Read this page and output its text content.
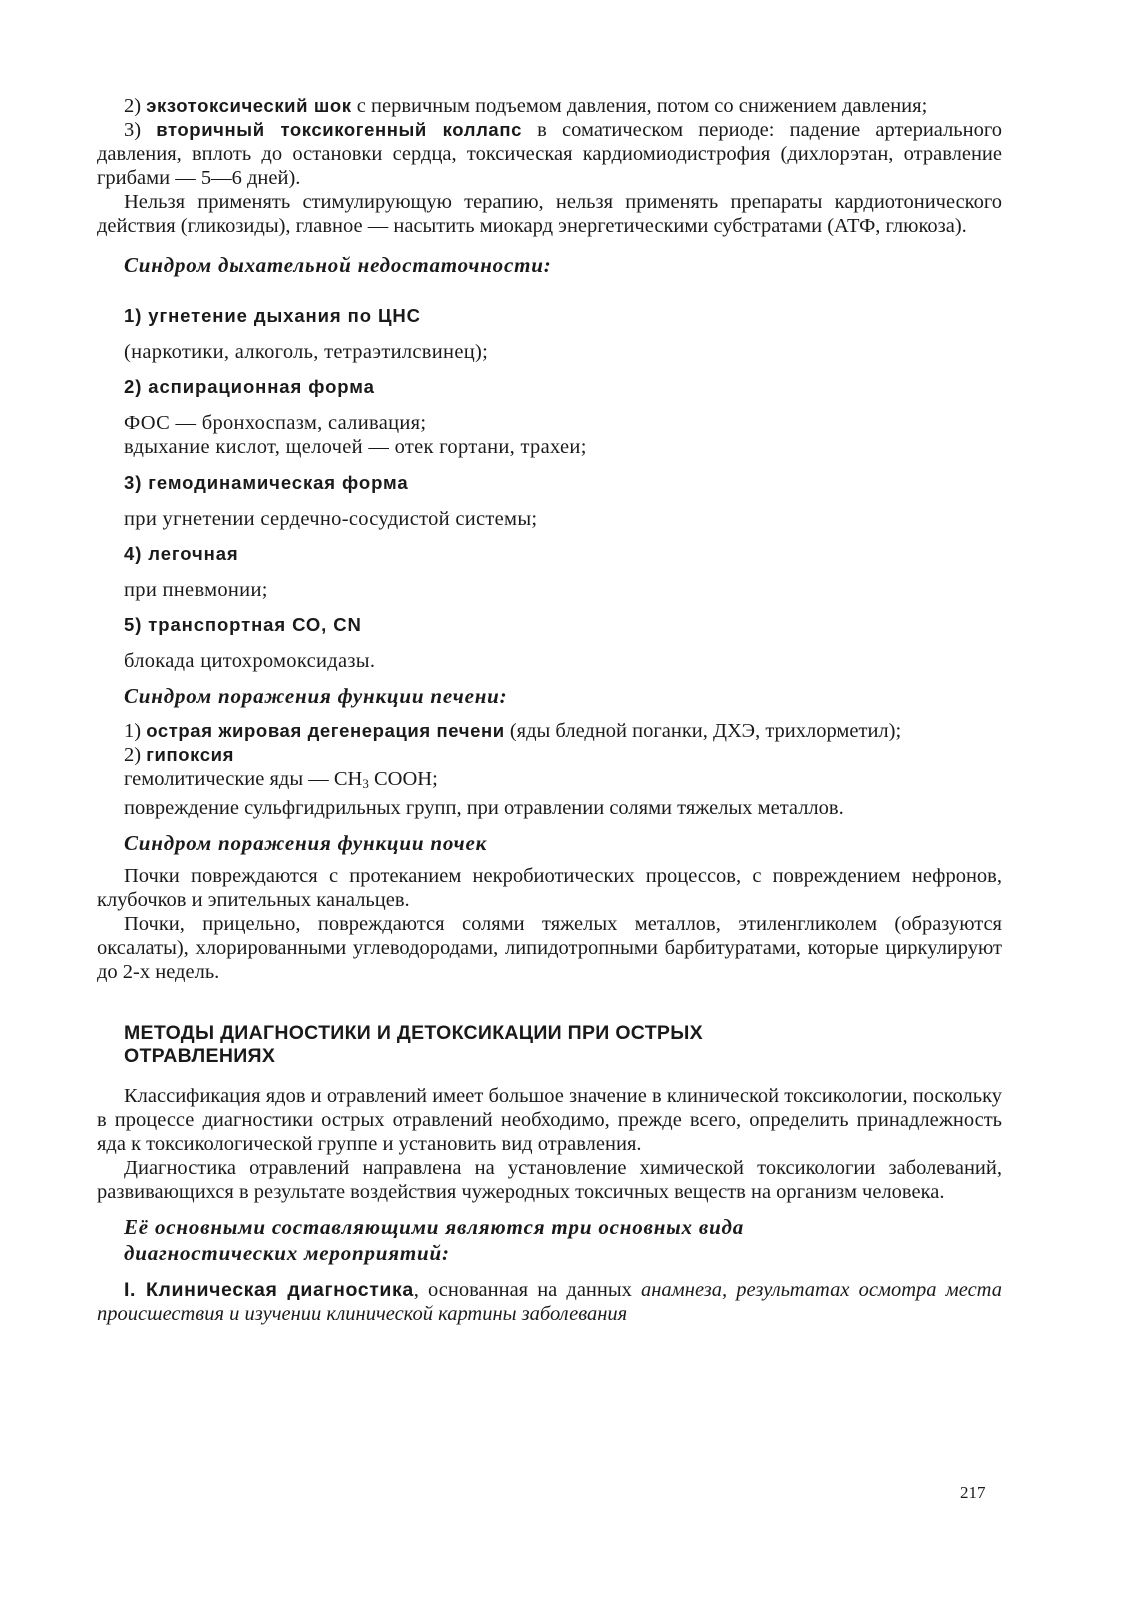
2) экзотоксический шок с первичным подъемом давления, потом со снижением давления;

3) вторичный токсикогенный коллапс в соматическом периоде: падение артериального давления, вплоть до остановки сердца, токсическая кардиомиодистрофия (дихлорэтан, отравление грибами — 5—6 дней).

Нельзя применять стимулирующую терапию, нельзя применять препараты кардиотонического действия (гликозиды), главное — насытить миокард энергетическими субстратами (АТФ, глюкоза).

Синдром дыхательной недостаточности:

1) угнетение дыхания по ЦНС

(наркотики, алкоголь, тетраэтилсвинец);

2) аспирационная форма

ФОС — бронхоспазм, саливация;

вдыхание кислот, щелочей — отек гортани, трахеи;

3) гемодинамическая форма

при угнетении сердечно-сосудистой системы;

4) легочная

при пневмонии;

5) транспортная СО, CN

блокада цитохромоксидазы.

Синдром поражения функции печени:

1) острая жировая дегенерация печени (яды бледной поганки, ДХЭ, трихлорметил);

2) гипоксия

гемолитические яды — $CH_3$ COOH;

повреждение сульфгидрильных групп, при отравлении солями тяжелых металлов.

Синдром поражения функции почек

Почки повреждаются с протеканием некробиотических процессов, с повреждением нефронов, клубочков и эпительных канальцев.

Почки, прицельно, повреждаются солями тяжелых металлов, этиленгликолем (образуются оксалаты), хлорированными углеводородами, липидотропными барбитуратами, которые циркулируют до 2-х недель.

МЕТОДЫ ДИАГНОСТИКИ И ДЕТОКСИКАЦИИ ПРИ ОСТРЫХ
ОТРАВЛЕНИЯХ

Классификация ядов и отравлений имеет большое значение в клинической токсикологии, поскольку в процессе диагностики острых отравлений необходимо, прежде всего, определить принадлежность яда к токсикологической группе и установить вид отравления.

Диагностика отравлений направлена на установление химической токсикологии заболеваний, развивающихся в результате воздействия чужеродных токсичных веществ на организм человека.

Её основными составляющими являются три основных вида
диагностических мероприятий:

I. Клиническая диагностика, основанная на данных анамнеза, результатах осмотра места происшествия и изучении клинической картины заболевания

217
